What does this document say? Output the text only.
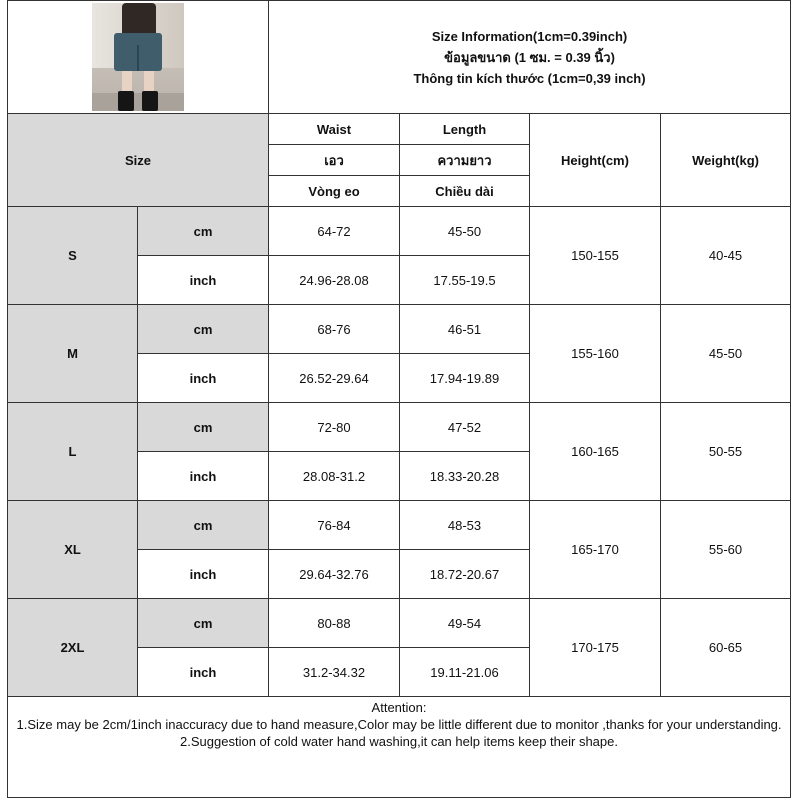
		Size Information(1cm=0.39inch)
ข้อมูลขนาด (1 ซม. = 0.39 นิ้ว)
Thông tin kích thước (1cm=0,39 inch)			

Size		Waist	Length	Height(cm)	Weight(kg)
		เอว	ความยาว		
		Vòng eo	Chiều dài		
S	cm	64-72	45-50	150-155	40-45
	inch	24.96-28.08	17.55-19.5		
M	cm	68-76	46-51	155-160	45-50
	inch	26.52-29.64	17.94-19.89		
L	cm	72-80	47-52	160-165	50-55
	inch	28.08-31.2	18.33-20.28		
XL	cm	76-84	48-53	165-170	55-60
	inch	29.64-32.76	18.72-20.67		
2XL	cm	80-88	49-54	170-175	60-65
	inch	31.2-34.32	19.11-21.06		

Attention:
1.Size may be 2cm/1inch inaccuracy due to hand measure,Color may be little different due to monitor ,thanks for your understanding.
2.Suggestion of cold water hand washing,it can help items keep their shape.					
